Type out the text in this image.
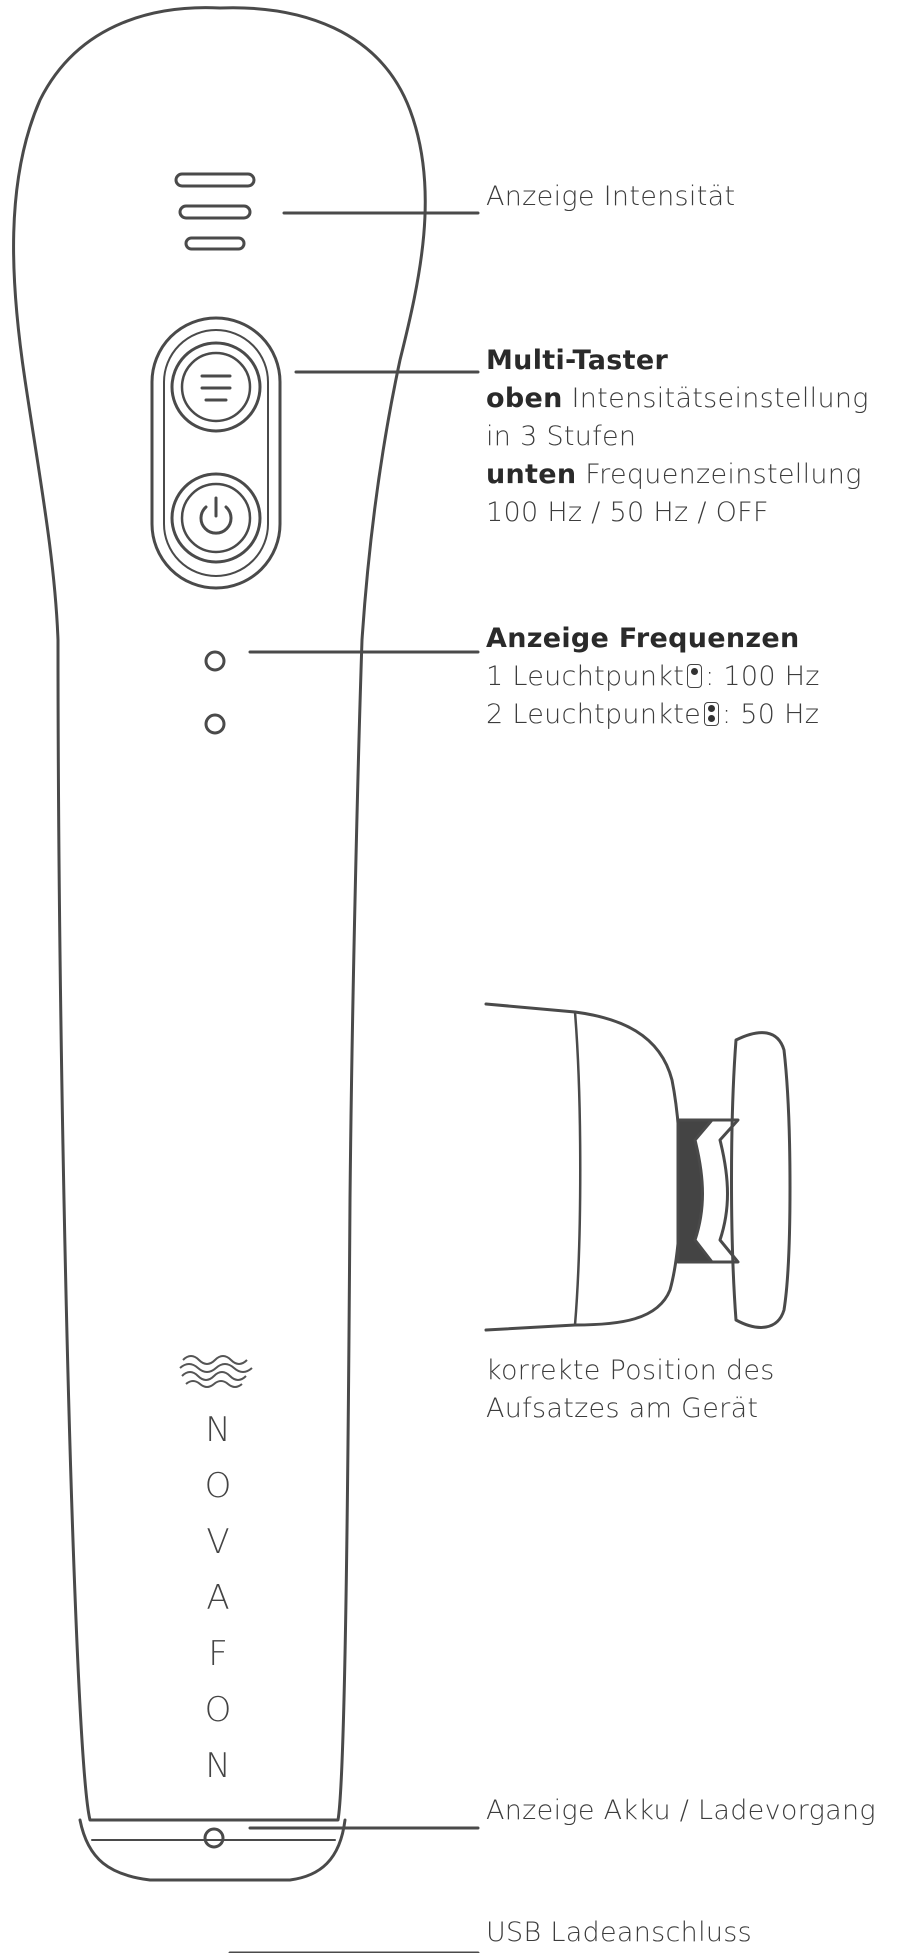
NOVAFON
Anzeige Intensität
Multi-Taster
oben Intensitätseinstellung
in 3 Stufen
unten Frequenzeinstellung
100 Hz / 50 Hz / OFF
Anzeige Frequenzen
1 Leuchtpunkt : 100 Hz
2 Leuchtpunkte : 50 Hz
korrekte Position des
Aufsatzes am Gerät
Anzeige Akku / Ladevorgang
USB Ladeanschluss
